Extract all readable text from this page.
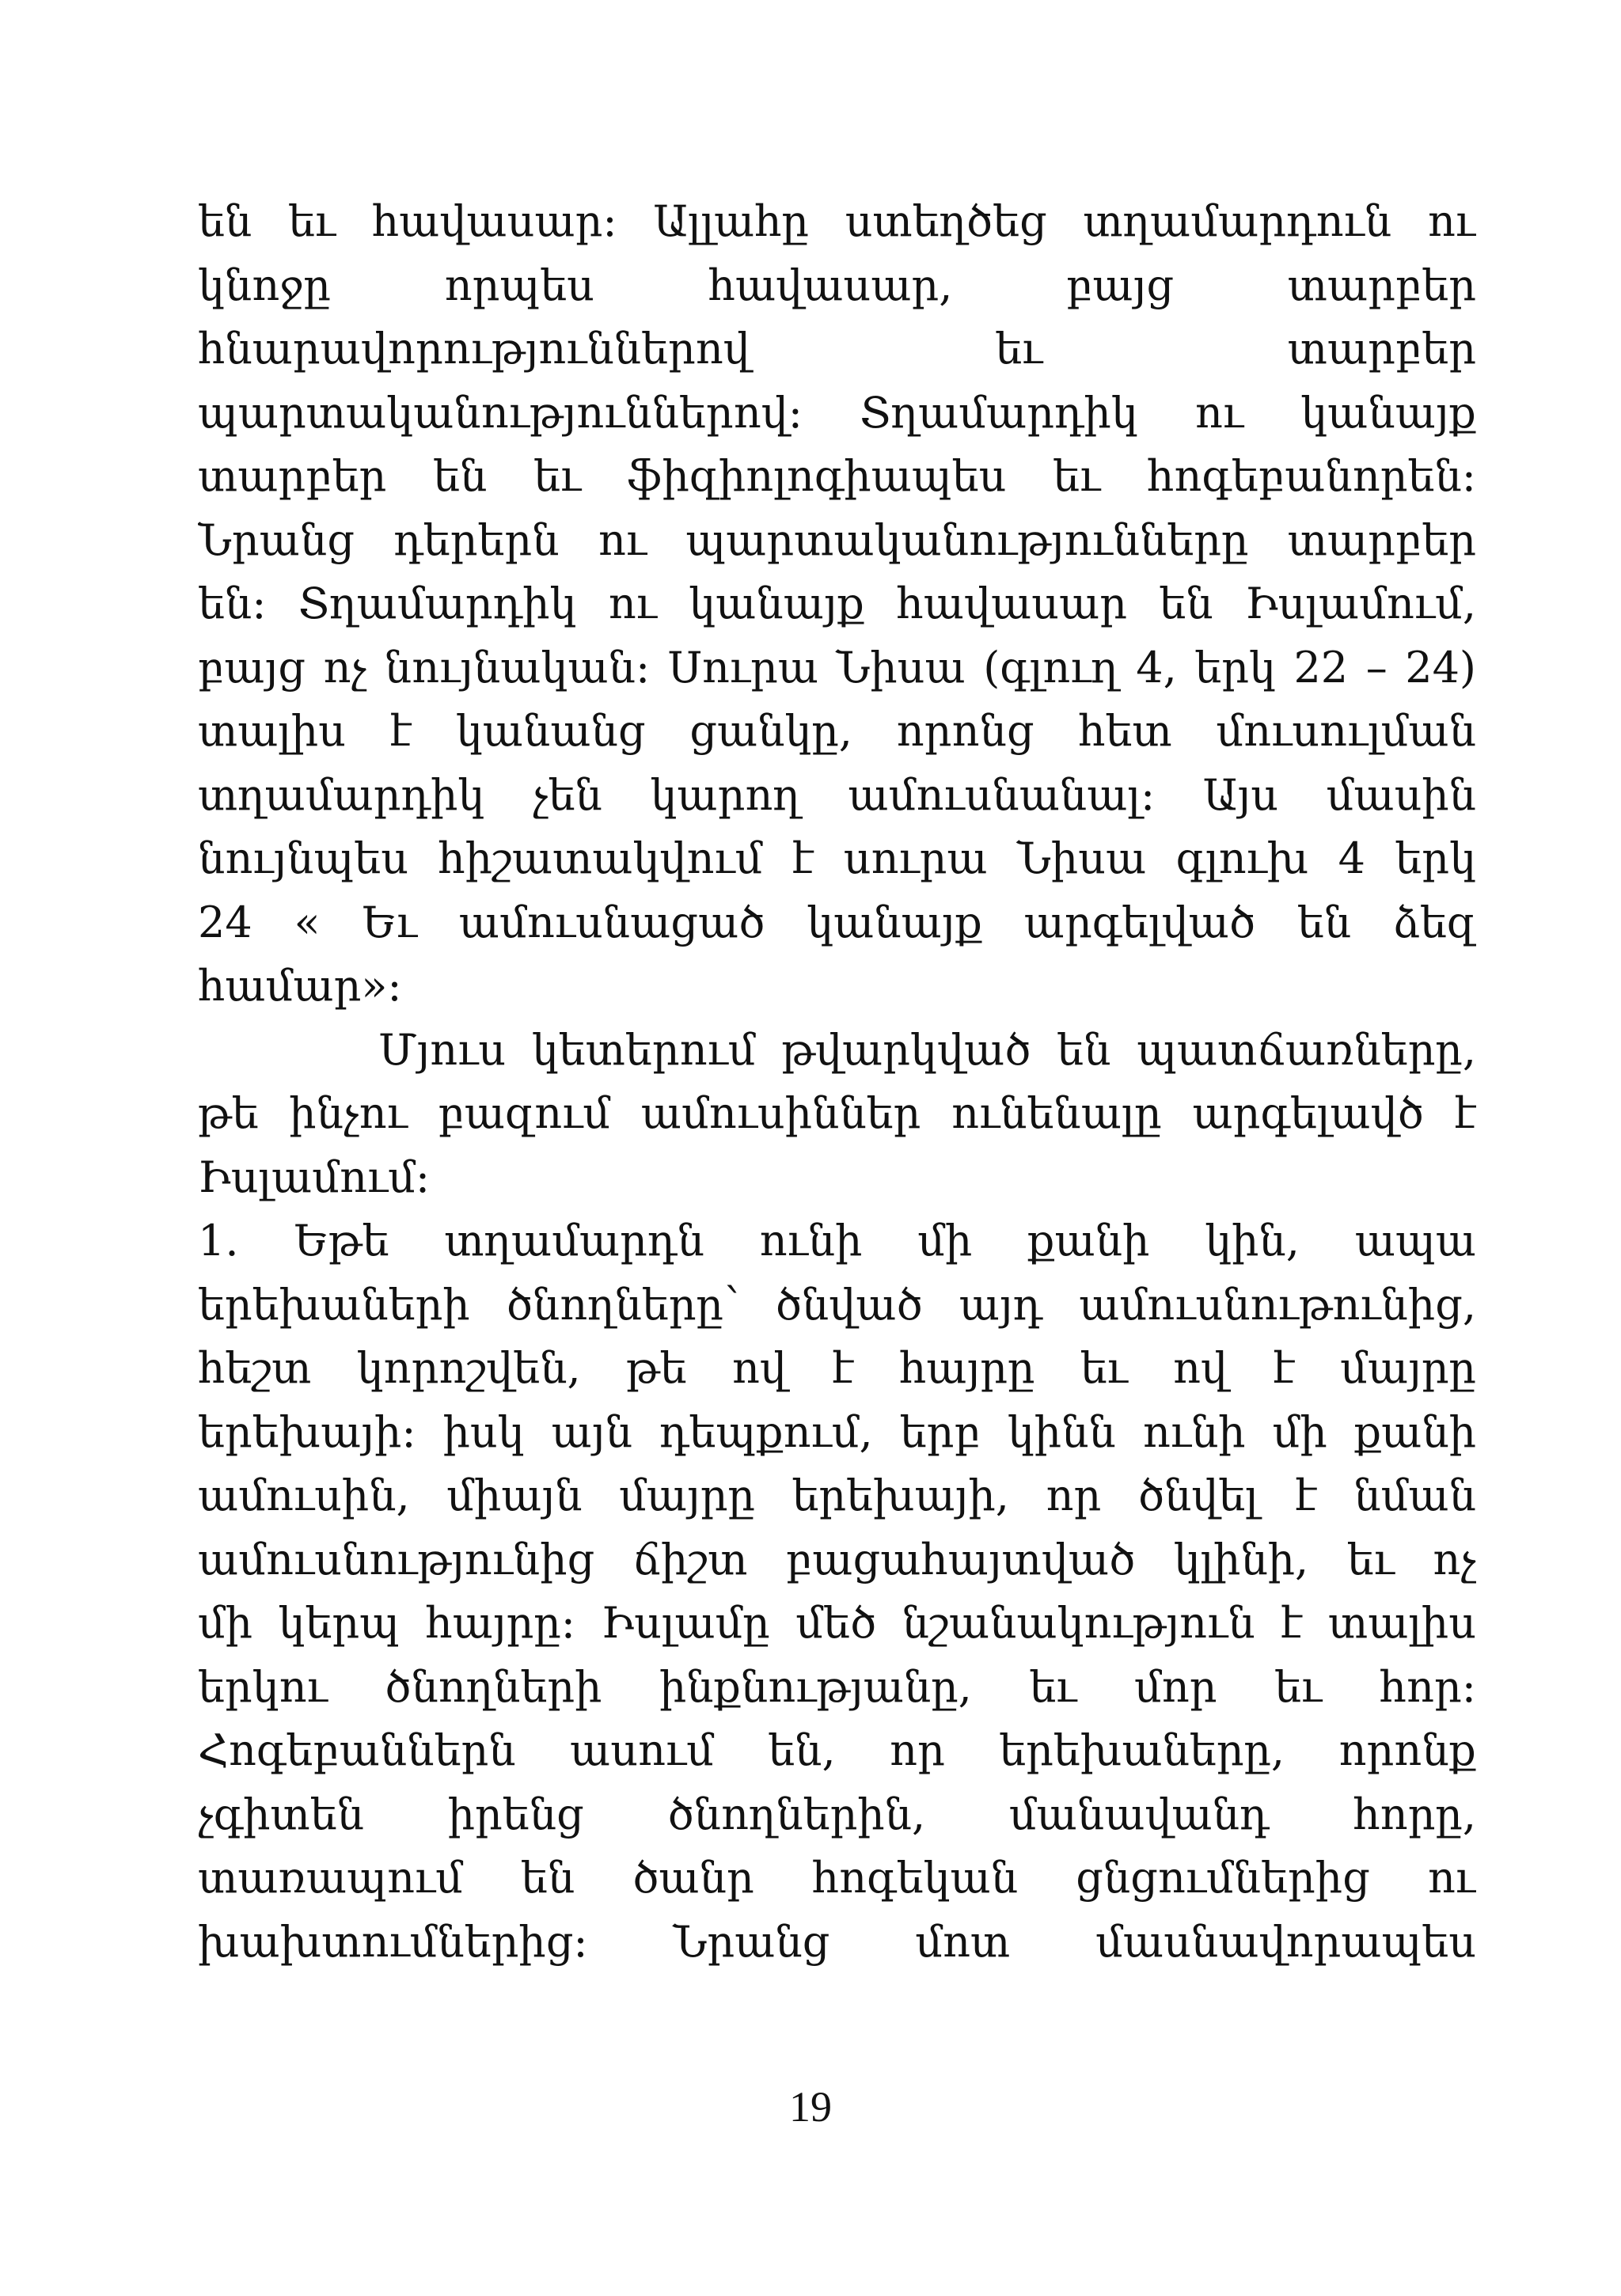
են եւ հավասար: Ալլահը ստեղծեց տղամարդուն ու
կնոջը որպես հավասար, բայց տարբեր
հնարավորություններով եւ տարբեր
պարտականություններով: Տղամարդիկ ու կանայք
տարբեր են եւ ֆիզիոլոգիապես եւ հոգեբանորեն:
Նրանց դերերն ու պարտականությունները տարբեր
են: Տղամարդիկ ու կանայք հավասար են Իսլամում,
բայց ոչ նույնական: Սուրա Նիսա (գլուղ 4, երկ 22 – 24)
տալիս է կանանց ցանկը, որոնց հետ մուսուլման
տղամարդիկ չեն կարող ամուսնանալ: Այս մասին
նույնպես հիշատակվում է սուրա Նիսա գլուխ 4 երկ
24 « Եւ ամուսնացած կանայք արգելված են ձեզ
համար»:
Մյուս կետերում թվարկված են պատճառները,
թե ինչու բազում ամուսիններ ունենալը արգելավծ է
Իսլամում:
1. Եթե տղամարդն ունի մի քանի կին, ապա
երեխաների ծնողները՝ ծնված այդ ամուսնութունից,
հեշտ կորոշվեն, թե ով է հայրը եւ ով է մայրը
երեխայի: իսկ այն դեպքում, երբ կինն ունի մի քանի
ամուսին, միայն մայրը երեխայի, որ ծնվել է նման
ամուսնությունից ճիշտ բացահայտված կլինի, եւ ոչ
մի կերպ հայրը: Իսլամը մեծ նշանակություն է տալիս
երկու ծնողների ինքնությանը, եւ մոր եւ հոր:
Հոգեբաններն ասում են, որ երեխաները, որոնք
չգիտեն իրենց ծնողներին, մանավանդ հորը,
տառապում են ծանր հոգեկան ցնցումներից ու
խախտումներից: Նրանց մոտ մասնավորապես
19
